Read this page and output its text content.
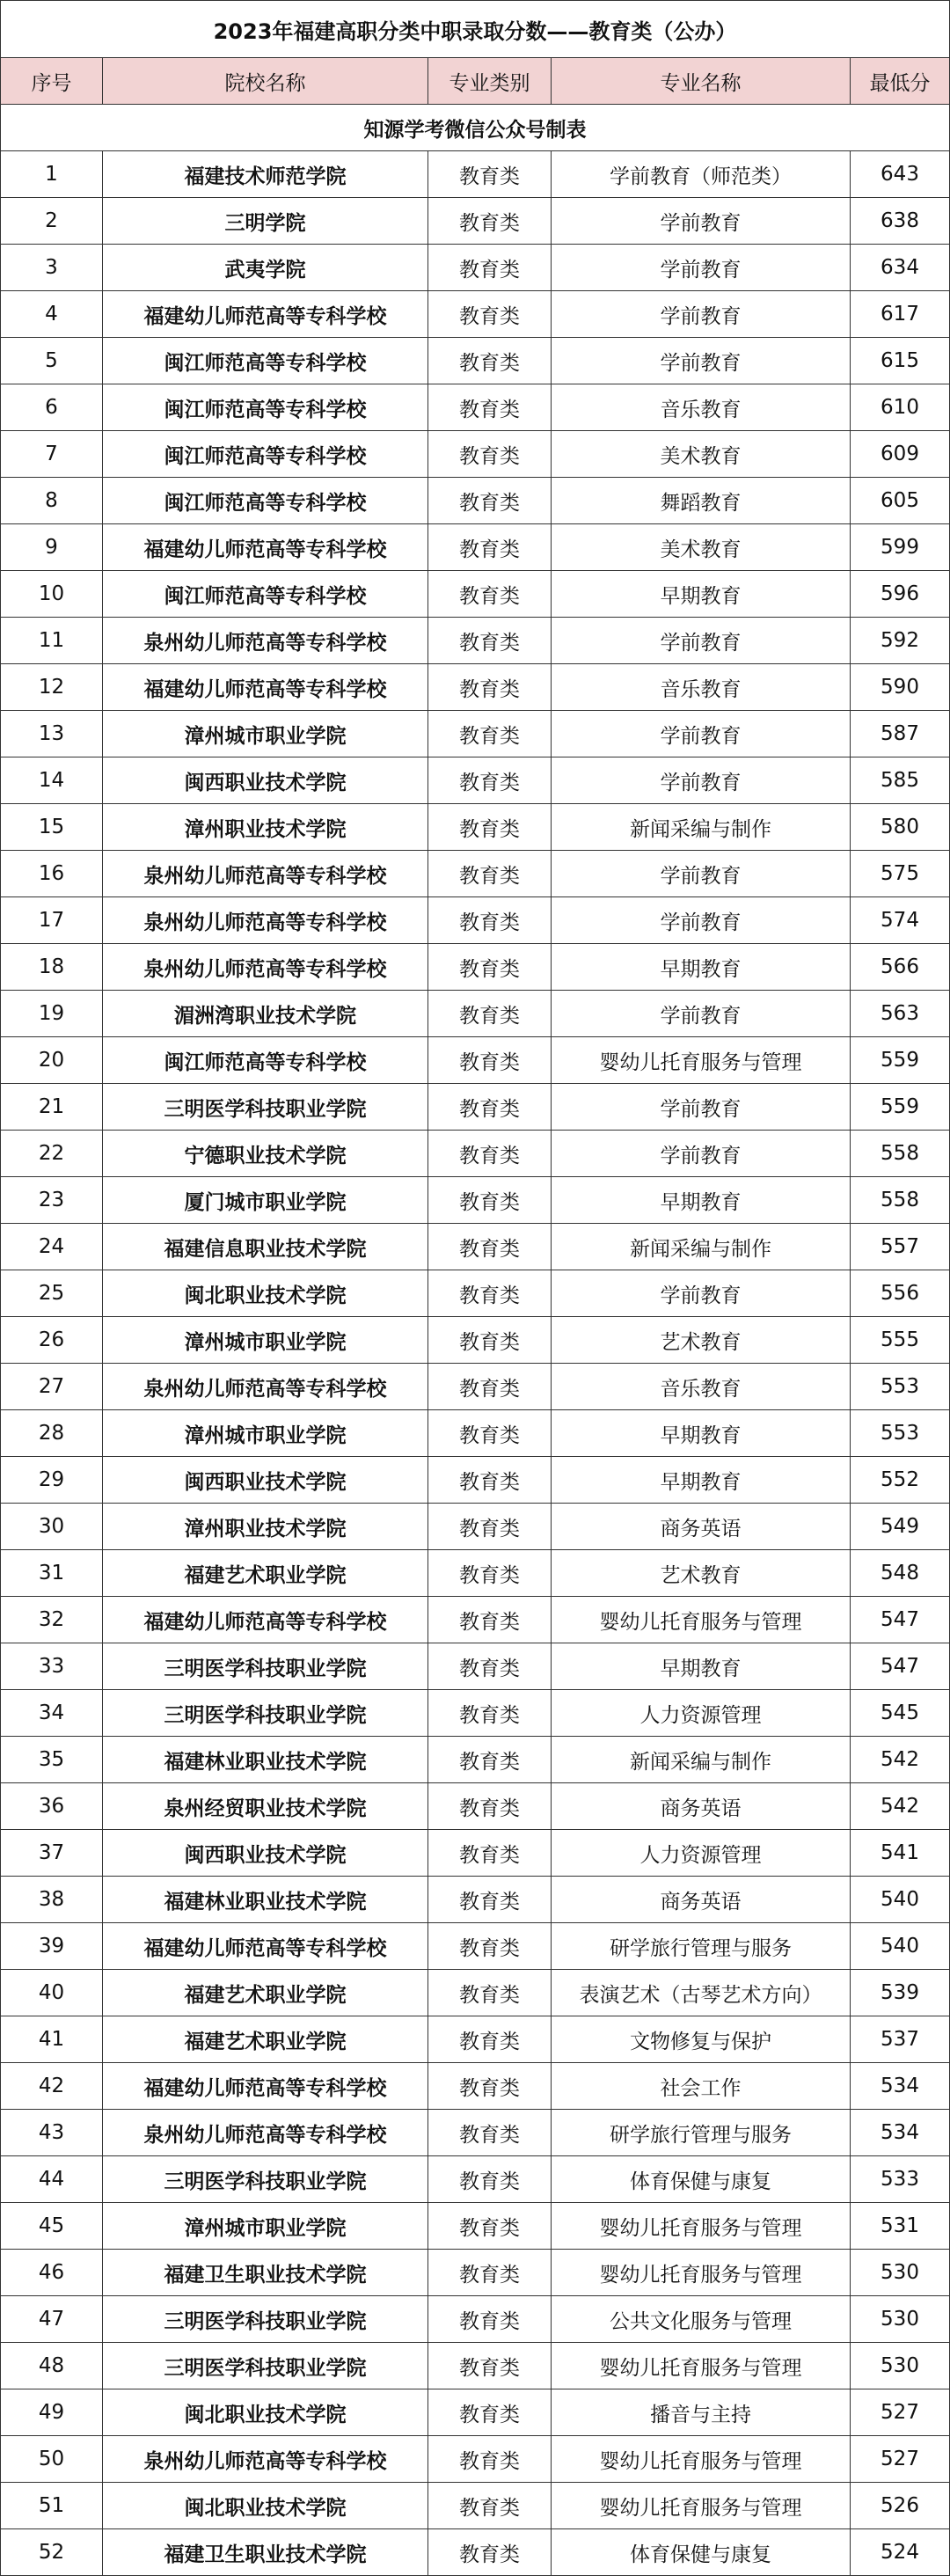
2023年福建高职分类中职录取分数——教育类（公办）				
序号	院校名称	专业类别	专业名称	最低分
知源学考微信公众号制表				
1	福建技术师范学院	教育类	学前教育（师范类）	643
2	三明学院	教育类	学前教育	638
3	武夷学院	教育类	学前教育	634
4	福建幼儿师范高等专科学校	教育类	学前教育	617
5	闽江师范高等专科学校	教育类	学前教育	615
6	闽江师范高等专科学校	教育类	音乐教育	610
7	闽江师范高等专科学校	教育类	美术教育	609
8	闽江师范高等专科学校	教育类	舞蹈教育	605
9	福建幼儿师范高等专科学校	教育类	美术教育	599
10	闽江师范高等专科学校	教育类	早期教育	596
11	泉州幼儿师范高等专科学校	教育类	学前教育	592
12	福建幼儿师范高等专科学校	教育类	音乐教育	590
13	漳州城市职业学院	教育类	学前教育	587
14	闽西职业技术学院	教育类	学前教育	585
15	漳州职业技术学院	教育类	新闻采编与制作	580
16	泉州幼儿师范高等专科学校	教育类	学前教育	575
17	泉州幼儿师范高等专科学校	教育类	学前教育	574
18	泉州幼儿师范高等专科学校	教育类	早期教育	566
19	湄洲湾职业技术学院	教育类	学前教育	563
20	闽江师范高等专科学校	教育类	婴幼儿托育服务与管理	559
21	三明医学科技职业学院	教育类	学前教育	559
22	宁德职业技术学院	教育类	学前教育	558
23	厦门城市职业学院	教育类	早期教育	558
24	福建信息职业技术学院	教育类	新闻采编与制作	557
25	闽北职业技术学院	教育类	学前教育	556
26	漳州城市职业学院	教育类	艺术教育	555
27	泉州幼儿师范高等专科学校	教育类	音乐教育	553
28	漳州城市职业学院	教育类	早期教育	553
29	闽西职业技术学院	教育类	早期教育	552
30	漳州职业技术学院	教育类	商务英语	549
31	福建艺术职业学院	教育类	艺术教育	548
32	福建幼儿师范高等专科学校	教育类	婴幼儿托育服务与管理	547
33	三明医学科技职业学院	教育类	早期教育	547
34	三明医学科技职业学院	教育类	人力资源管理	545
35	福建林业职业技术学院	教育类	新闻采编与制作	542
36	泉州经贸职业技术学院	教育类	商务英语	542
37	闽西职业技术学院	教育类	人力资源管理	541
38	福建林业职业技术学院	教育类	商务英语	540
39	福建幼儿师范高等专科学校	教育类	研学旅行管理与服务	540
40	福建艺术职业学院	教育类	表演艺术（古琴艺术方向）	539
41	福建艺术职业学院	教育类	文物修复与保护	537
42	福建幼儿师范高等专科学校	教育类	社会工作	534
43	泉州幼儿师范高等专科学校	教育类	研学旅行管理与服务	534
44	三明医学科技职业学院	教育类	体育保健与康复	533
45	漳州城市职业学院	教育类	婴幼儿托育服务与管理	531
46	福建卫生职业技术学院	教育类	婴幼儿托育服务与管理	530
47	三明医学科技职业学院	教育类	公共文化服务与管理	530
48	三明医学科技职业学院	教育类	婴幼儿托育服务与管理	530
49	闽北职业技术学院	教育类	播音与主持	527
50	泉州幼儿师范高等专科学校	教育类	婴幼儿托育服务与管理	527
51	闽北职业技术学院	教育类	婴幼儿托育服务与管理	526
52	福建卫生职业技术学院	教育类	体育保健与康复	524
